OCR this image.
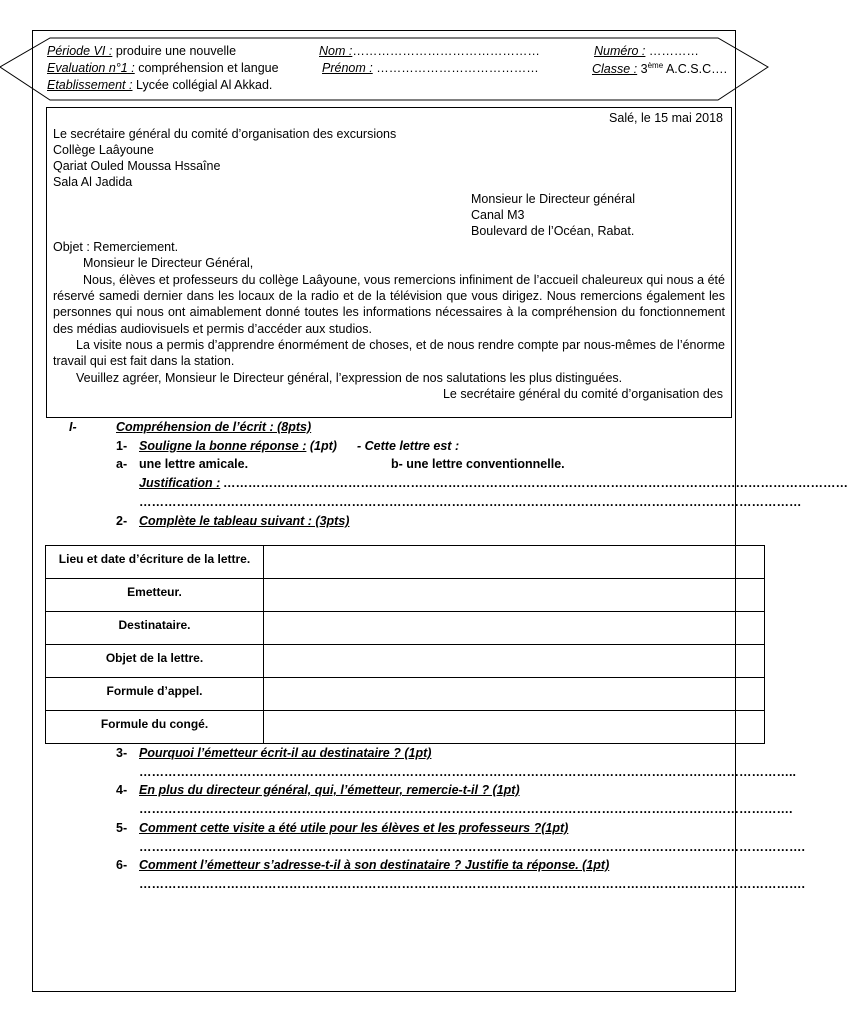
Période VI : produire une nouvelle
Evaluation n°1 : compréhension et langue
Etablissement : Lycée collégial Al Akkad.
Nom :………………………………………
Prénom : …………………………………
Numéro : …………
Classe : 3ème A.C.S.C….
Salé, le 15 mai 2018
Le secrétaire général du comité d’organisation des excursions
Collège Laâyoune
Qariat Ouled Moussa Hssaîne
Sala Al Jadida
Monsieur le Directeur général
Canal M3
Boulevard de l’Océan, Rabat.
Objet : Remerciement.
Monsieur le Directeur Général,
Nous, élèves et professeurs du collège Laâyoune, vous remercions infiniment de l’accueil chaleureux qui nous a été réservé samedi dernier dans les locaux de la radio et de la télévision que vous dirigez. Nous remercions également les personnes qui nous ont aimablement donné toutes les informations nécessaires à la compréhension du fonctionnement des médias audiovisuels et permis d’accéder aux studios.
La visite nous a permis d’apprendre énormément de choses, et de nous rendre compte par nous-mêmes de l’énorme travail qui est fait dans la station.
Veuillez agréer, Monsieur le Directeur général, l’expression de nos salutations les plus distinguées.
Le secrétaire général du comité d’organisation des
I-	Compréhension de l’écrit : (8pts)
1- Souligne la bonne réponse : (1pt) - Cette lettre est :
a- une lettre amicale.	b- une lettre conventionnelle.
Justification : ……………………………………………………………………………………………………………………………………
……………………………………………………………………………………………………………………………………………
2- Complète le tableau suivant : (3pts)
Lieu et date d’écriture de la lettre.	
Emetteur.	
Destinataire.	
Objet de la lettre.	
Formule d’appel.	
Formule du congé.	
3- Pourquoi l’émetteur écrit-il au destinataire ? (1pt)
…………………………………………………………………………………………………………………………………………..
4- En plus du directeur général, qui, l’émetteur, remercie-t-il ? (1pt)
………………………………………………………………………………………………………………………………………….
5- Comment cette visite a été utile pour les élèves et les professeurs ?(1pt)
…………………………………………………………………………………………………………………………………………….
6- Comment l’émetteur s’adresse-t-il à son destinataire ? Justifie ta réponse. (1pt)
…………………………………………………………………………………………………………………………………………….
